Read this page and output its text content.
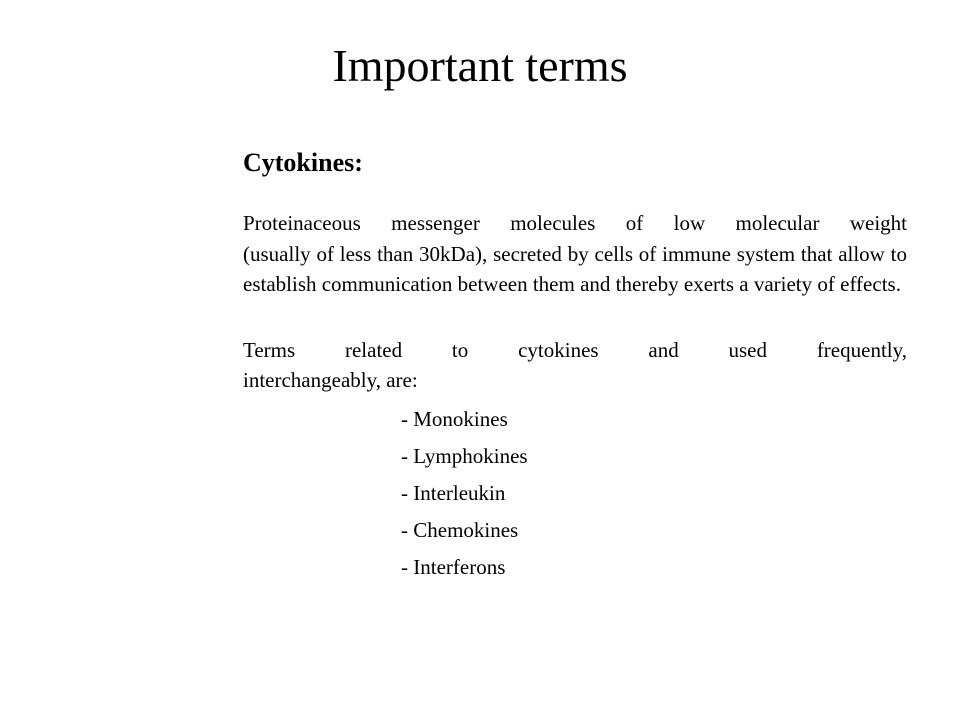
Important terms
Cytokines:

Proteinaceous messenger molecules of low molecular weight
(usually of less than 30kDa), secreted by cells of immune system that allow to establish communication between them and thereby exerts a variety of effects.

Terms related to cytokines and used frequently,
interchangeably, are:

- Monokines
- Lymphokines
- Interleukin
- Chemokines
- Interferons
